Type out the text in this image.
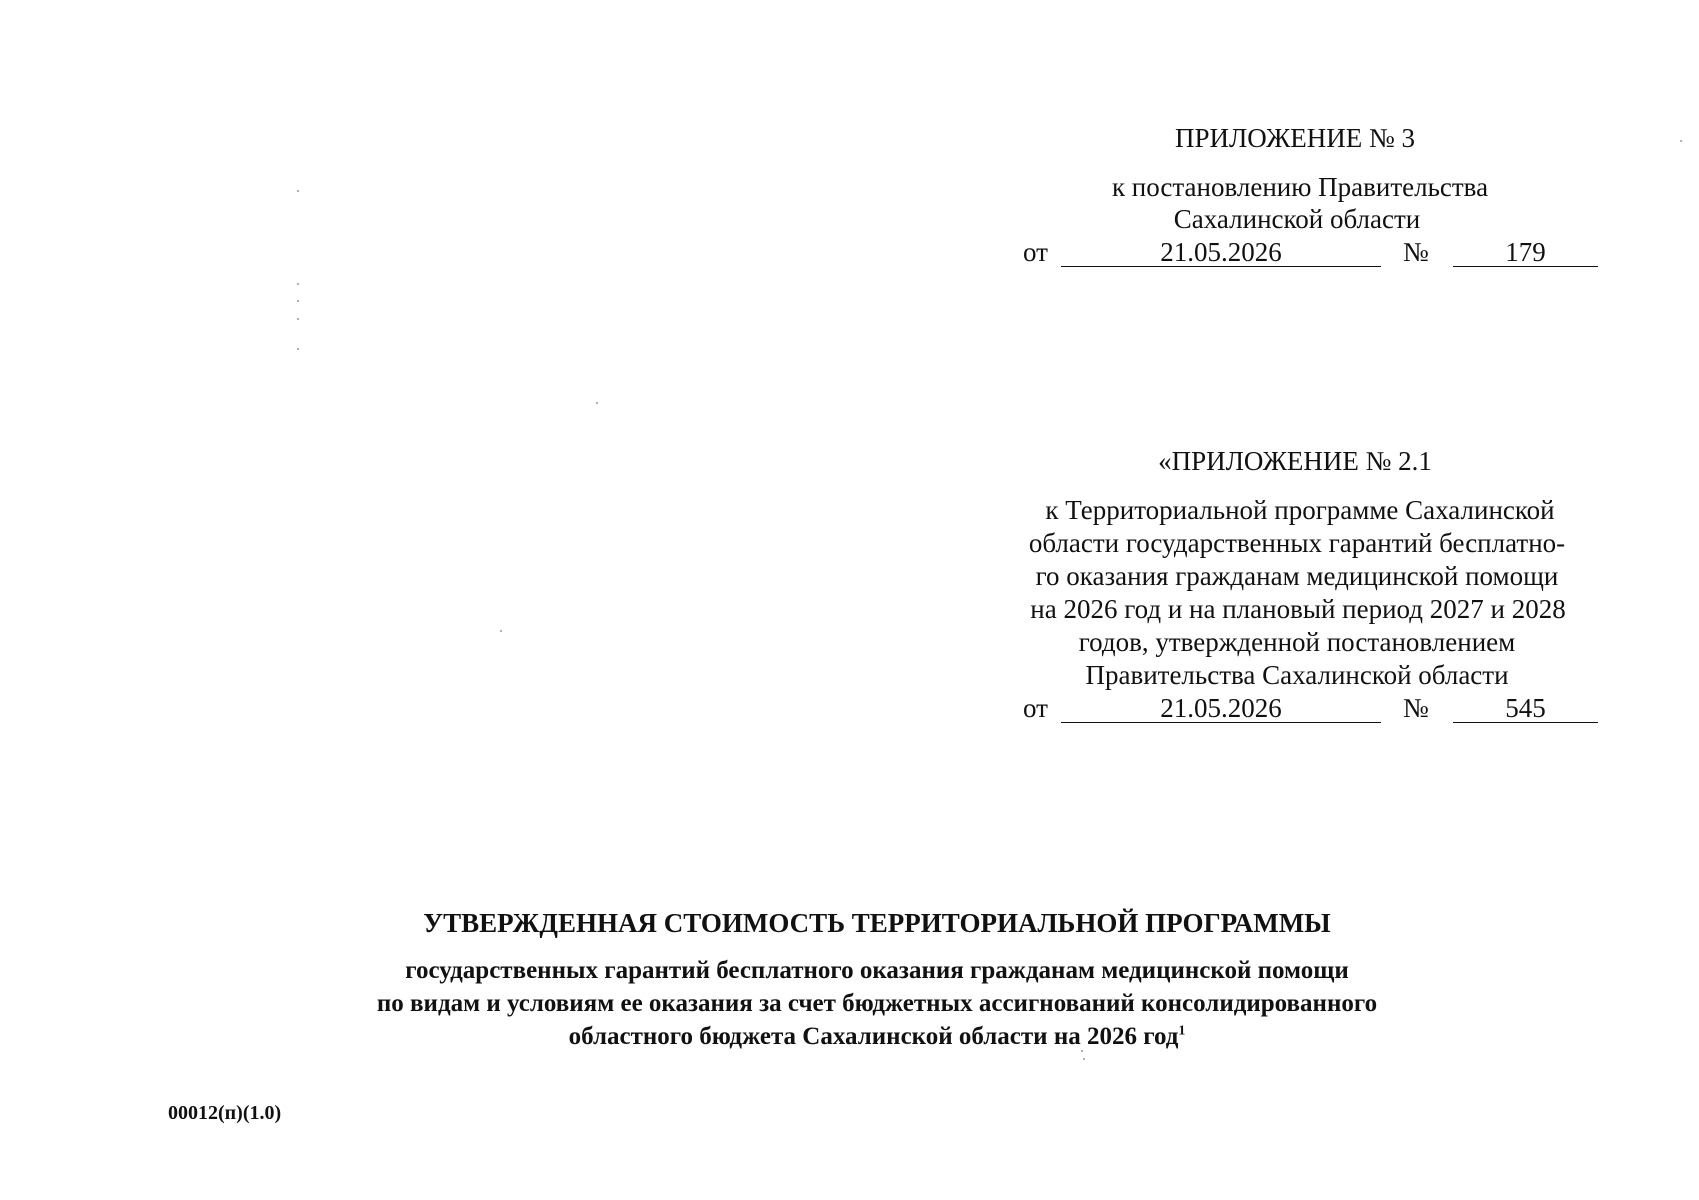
ПРИЛОЖЕНИЕ № 3
к постановлению Правительства
Сахалинской области
от	21.05.2026	№	179
«ПРИЛОЖЕНИЕ № 2.1
к Территориальной программе Сахалинской
области государственных гарантий бесплатно-
го оказания гражданам медицинской помощи
на 2026 год и на плановый период 2027 и 2028
годов, утвержденной постановлением
Правительства Сахалинской области
от	21.05.2026	№	545
УТВЕРЖДЕННАЯ СТОИМОСТЬ ТЕРРИТОРИАЛЬНОЙ ПРОГРАММЫ
государственных гарантий бесплатного оказания гражданам медицинской помощи
по видам и условиям ее оказания за счет бюджетных ассигнований консолидированного
областного бюджета Сахалинской области на 2026 год$^1$
00012(п)(1.0)
